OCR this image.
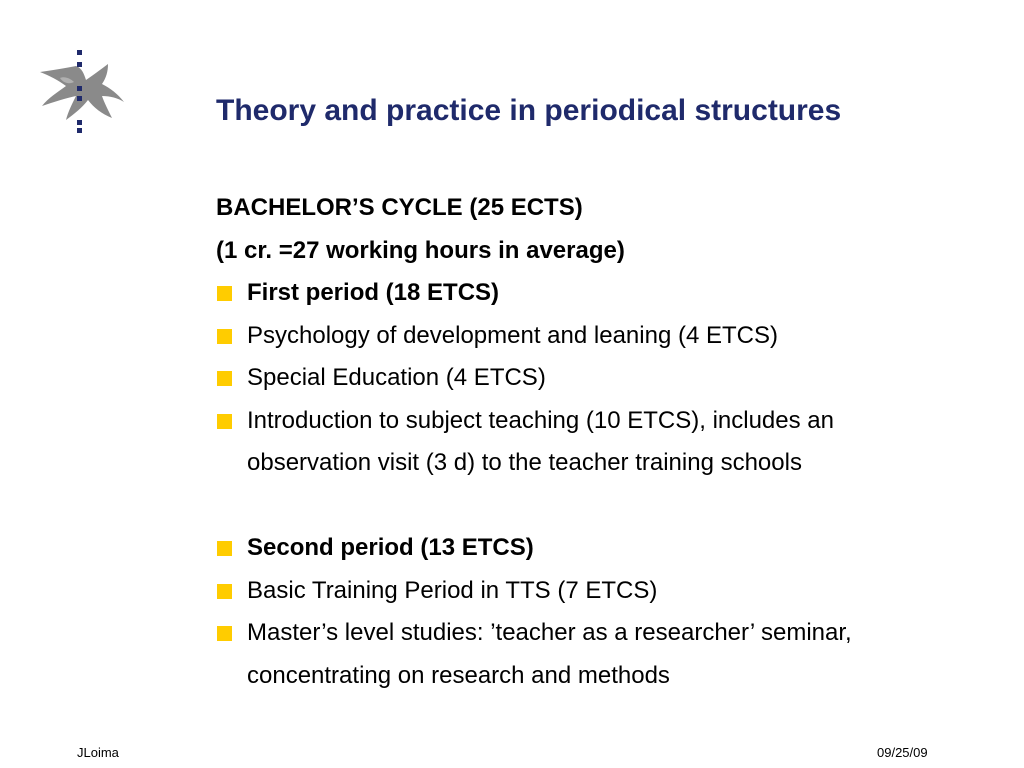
Theory and practice in periodical structures
BACHELOR’S CYCLE (25 ECTS)
(1 cr. =27 working hours in average)
First period (18 ETCS)
Psychology of development and leaning (4 ETCS)
Special Education (4 ETCS)
Introduction to subject teaching (10 ETCS), includes an
observation visit (3 d) to the teacher training schools
Second period (13 ETCS)
Basic Training Period in TTS (7 ETCS)
Master’s level studies: ’teacher as a researcher’ seminar,
concentrating on research and methods
JLoima	09/25/09
